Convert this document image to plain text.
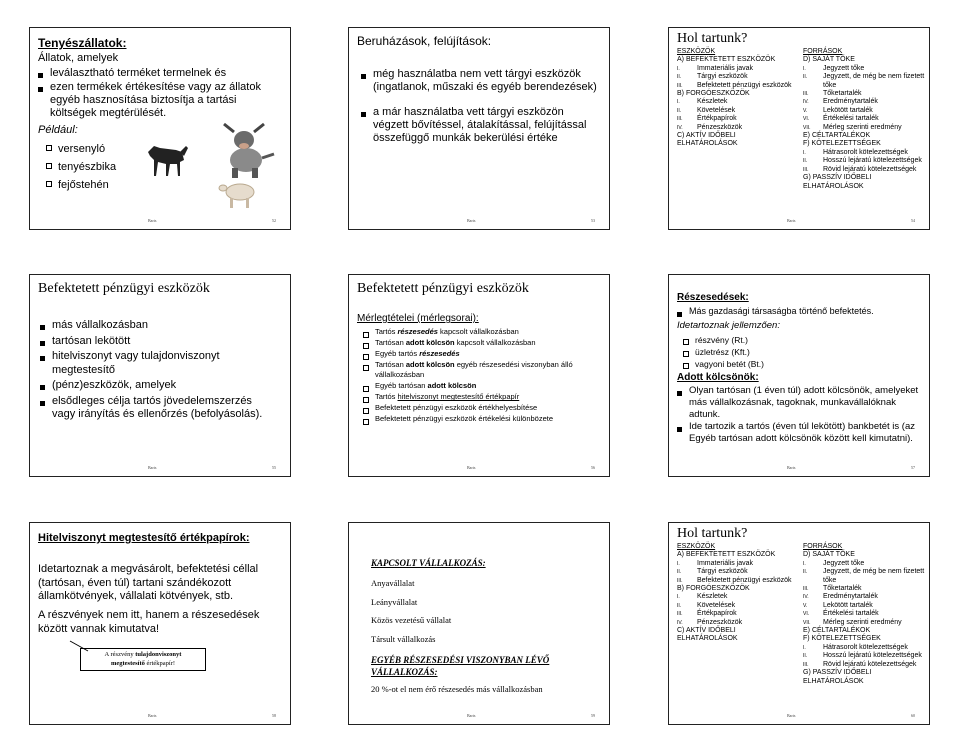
Tenyészállatok:
Állatok, amelyek
leválasztható terméket termelnek és
ezen termékek értékesítése vagy az állatok egyéb hasznosítása biztosítja a tartási költségek megtérülését.
Például:
versenyló
tenyészbika
fejőstehén
Barts	52
Beruházások, felújítások:
még használatba nem vett tárgyi eszközök (ingatlanok, műszaki és egyéb berendezések)
a már használatba vett tárgyi eszközön végzett bővítéssel, átalakítással, felújítással összefüggő munkák bekerülési értéke
Barts	53
Hol tartunk?
ESZKÖZÖK
A) BEFEKTETETT ESZKÖZÖK
I.	Immateriális javak
II.	Tárgyi eszközök
III.	Befektetett pénzügyi eszközök
B) FORGÓESZKÖZÖK
I.	Készletek
II.	Követelések
III.	Értékpapírok
IV.	Pénzeszközök
C) AKTÍV IDŐBELI ELHATÁROLÁSOK
FORRÁSOK
D) SAJÁT TŐKE
I.	Jegyzett tőke
II.	Jegyzett, de még be nem fizetett tőke
III.	Tőketartalék
IV.	Eredménytartalék
V.	Lekötött tartalék
VI.	Értékelési tartalék
VII.	Mérleg szerinti eredmény
E) CÉLTARTALÉKOK
F) KÖTELEZETTSÉGEK
I.	Hátrasorolt kötelezettségek
II.	Hosszú lejáratú kötelezettségek
III.	Rövid lejáratú kötelezettségek
G) PASSZÍV IDŐBELI ELHATÁROLÁSOK
Barts	54
Befektetett pénzügyi eszközök
más vállalkozásban
tartósan lekötött
hitelviszonyt vagy tulajdonviszonyt megtestesítő
(pénz)eszközök, amelyek
elsődleges célja tartós jövedelemszerzés vagy irányítás és ellenőrzés (befolyásolás).
Barts	55
Befektetett pénzügyi eszközök
Mérlegtételei (mérlegsorai):
Tartós részesedés kapcsolt vállalkozásban
Tartósan adott kölcsön kapcsolt vállalkozásban
Egyéb tartós részesedés
Tartósan adott kölcsön egyéb részesedési viszonyban álló vállalkozásban
Egyéb tartósan adott kölcsön
Tartós hitelviszonyt megtestesítő értékpapír
Befektetett pénzügyi eszközök értékhelyesbítése
Befektetett pénzügyi eszközök értékelési különbözete
Barts	56
Részesedések:
Más gazdasági társaságba történő befektetés.
Idetartoznak jellemzően:
részvény (Rt.)
üzletrész (Kft.)
vagyoni betét (Bt.)
Adott kölcsönök:
Olyan tartósan (1 éven túl) adott kölcsönök, amelyeket más vállalkozásnak, tagoknak, munkavállalóknak adtunk.
Ide tartozik a tartós (éven túl lekötött) bankbetét is (az Egyéb tartósan adott kölcsönök között kell kimutatni).
Barts	57
Hitelviszonyt megtestesítő értékpapírok:
Idetartoznak a megvásárolt, befektetési céllal (tartósan, éven túl) tartani szándékozott államkötvények, vállalati kötvények, stb.
A részvények nem itt, hanem a részesedések között vannak kimutatva!
A részvény tulajdonviszonyt
megtestesítő értékpapír!
Barts	58
KAPCSOLT VÁLLALKOZÁS:
Anyavállalat
Leányvállalat
Közös vezetésű vállalat
Társult vállalkozás
EGYÉB RÉSZESEDÉSI VISZONYBAN LÉVŐ VÁLLALKOZÁS:
20 %-ot el nem érő részesedés más vállalkozásban
Barts	59
Hol tartunk?
ESZKÖZÖK
A) BEFEKTETETT ESZKÖZÖK
I.	Immateriális javak
II.	Tárgyi eszközök
III.	Befektetett pénzügyi eszközök
B) FORGÓESZKÖZÖK
I.	Készletek
II.	Követelések
III.	Értékpapírok
IV.	Pénzeszközök
C) AKTÍV IDŐBELI ELHATÁROLÁSOK
FORRÁSOK
D) SAJÁT TŐKE
I.	Jegyzett tőke
II.	Jegyzett, de még be nem fizetett tőke
III.	Tőketartalék
IV.	Eredménytartalék
V.	Lekötött tartalék
VI.	Értékelési tartalék
VII.	Mérleg szerinti eredmény
E) CÉLTARTALÉKOK
F) KÖTELEZETTSÉGEK
I.	Hátrasorolt kötelezettségek
II.	Hosszú lejáratú kötelezettségek
III.	Rövid lejáratú kötelezettségek
G) PASSZÍV IDŐBELI ELHATÁROLÁSOK
Barts	60
